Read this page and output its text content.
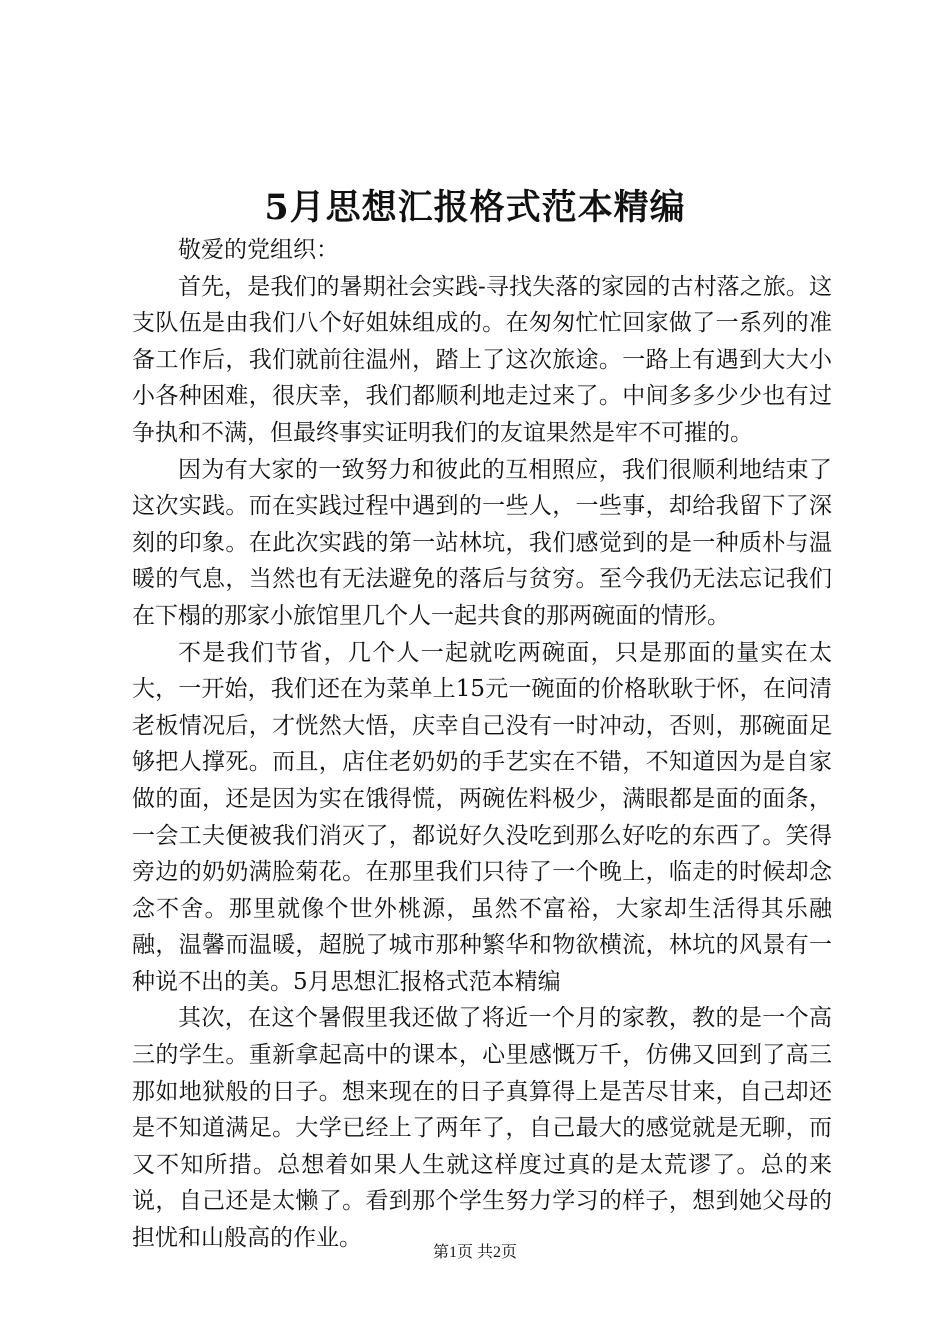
5月思想汇报格式范本精编

敬爱的党组织：

首先，是我们的暑期社会实践-寻找失落的家园的古村落之旅。这支队伍是由我们八个好姐妹组成的。在匆匆忙忙回家做了一系列的准备工作后，我们就前往温州，踏上了这次旅途。一路上有遇到大大小小各种困难，很庆幸，我们都顺利地走过来了。中间多多少少也有过争执和不满，但最终事实证明我们的友谊果然是牢不可摧的。

因为有大家的一致努力和彼此的互相照应，我们很顺利地结束了这次实践。而在实践过程中遇到的一些人，一些事，却给我留下了深刻的印象。在此次实践的第一站林坑，我们感觉到的是一种质朴与温暖的气息，当然也有无法避免的落后与贫穷。至今我仍无法忘记我们在下榻的那家小旅馆里几个人一起共食的那两碗面的情形。

不是我们节省，几个人一起就吃两碗面，只是那面的量实在太大，一开始，我们还在为菜单上15元一碗面的价格耿耿于怀，在问清老板情况后，才恍然大悟，庆幸自己没有一时冲动，否则，那碗面足够把人撑死。而且，店住老奶奶的手艺实在不错，不知道因为是自家做的面，还是因为实在饿得慌，两碗佐料极少，满眼都是面的面条，一会工夫便被我们消灭了，都说好久没吃到那么好吃的东西了。笑得旁边的奶奶满脸菊花。在那里我们只待了一个晚上，临走的时候却念念不舍。那里就像个世外桃源，虽然不富裕，大家却生活得其乐融融，温馨而温暖，超脱了城市那种繁华和物欲横流，林坑的风景有一种说不出的美。5月思想汇报格式范本精编

其次，在这个暑假里我还做了将近一个月的家教，教的是一个高三的学生。重新拿起高中的课本，心里感慨万千，仿佛又回到了高三那如地狱般的日子。想来现在的日子真算得上是苦尽甘来，自己却还是不知道满足。大学已经上了两年了，自己最大的感觉就是无聊，而又不知所措。总想着如果人生就这样度过真的是太荒谬了。总的来说，自己还是太懒了。看到那个学生努力学习的样子，想到她父母的担忧和山般高的作业。

第1页 共2页
